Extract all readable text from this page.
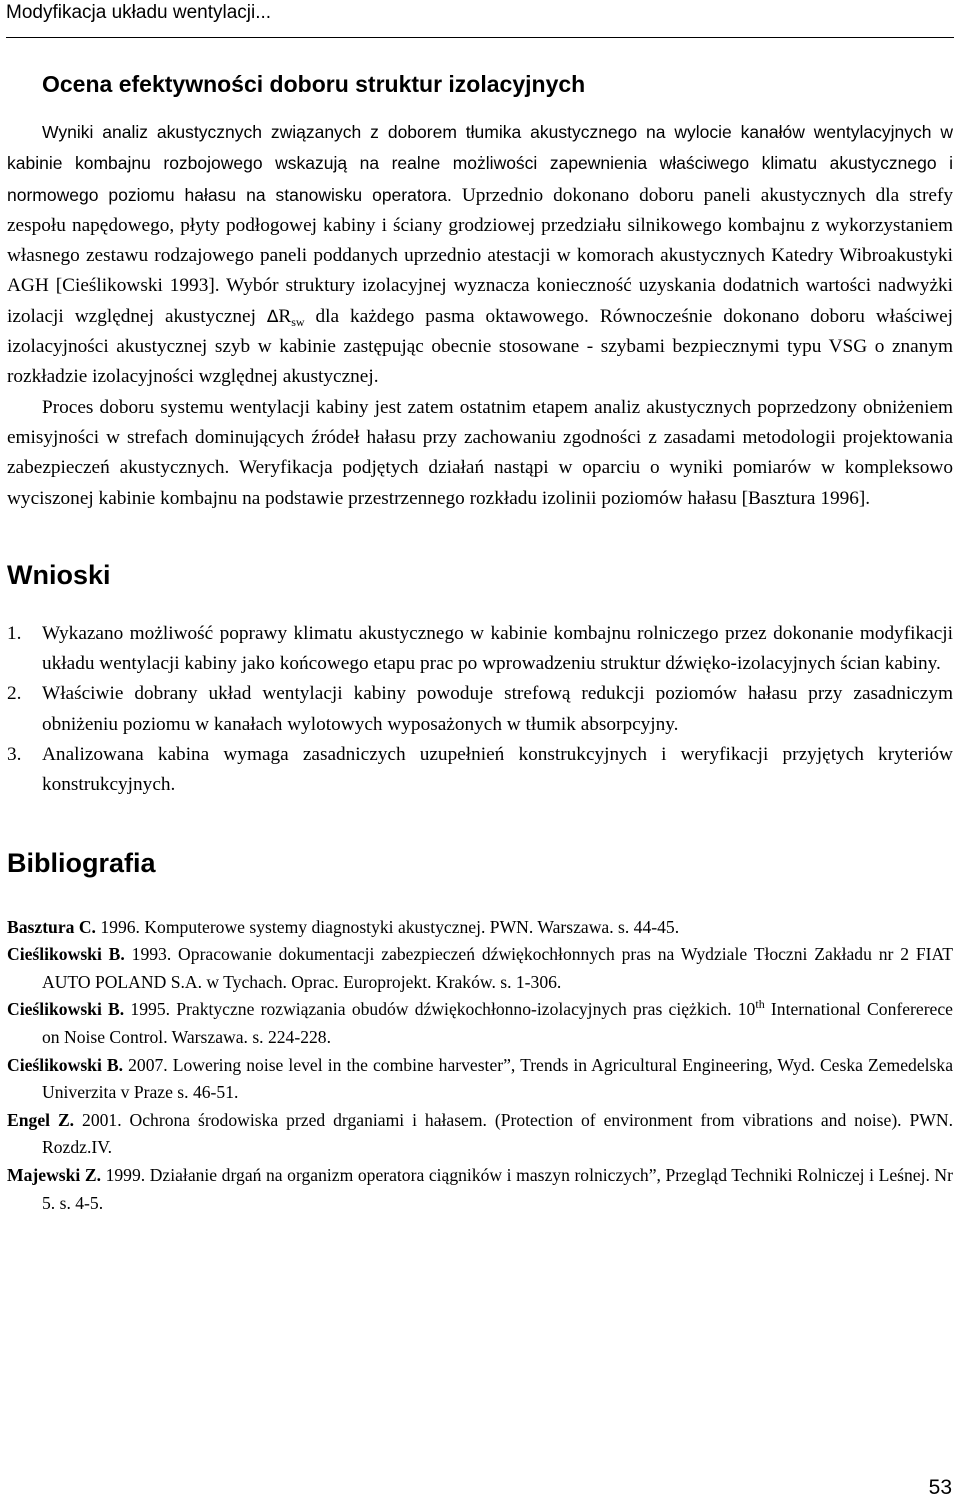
Modyfikacja układu wentylacji...
Ocena efektywności doboru struktur izolacyjnych

Wyniki analiz akustycznych związanych z doborem tłumika akustycznego na wylocie kanałów wentylacyjnych w kabinie kombajnu rozbojowego wskazują na realne możliwości zapewnienia właściwego klimatu akustycznego i normowego poziomu hałasu na stanowisku operatora. Uprzednio dokonano doboru paneli akustycznych dla strefy zespołu napędowego, płyty podłogowej kabiny i ściany grodziowej przedziału silnikowego kombajnu z wykorzystaniem własnego zestawu rodzajowego paneli poddanych uprzednio atestacji w komorach akustycznych Katedry Wibroakustyki AGH [Cieślikowski 1993]. Wybór struktury izolacyjnej wyznacza konieczność uzyskania dodatnich wartości nadwyżki izolacji względnej akustycznej $\Delta R_{sw}$ dla każdego pasma oktawowego. Równocześnie dokonano doboru właściwej izolacyjności akustycznej szyb w kabinie zastępując obecnie stosowane - szybami bezpiecznymi typu VSG o znanym rozkładzie izolacyjności względnej akustycznej.

Proces doboru systemu wentylacji kabiny jest zatem ostatnim etapem analiz akustycznych poprzedzony obniżeniem emisyjności w strefach dominujących źródeł hałasu przy zachowaniu zgodności z zasadami metodologii projektowania zabezpieczeń akustycznych. Weryfikacja podjętych działań nastąpi w oparciu o wyniki pomiarów w kompleksowo wyciszonej kabinie kombajnu na podstawie przestrzennego rozkładu izolinii poziomów hałasu [Basztura 1996].

Wnioski
1. Wykazano możliwość poprawy klimatu akustycznego w kabinie kombajnu rolniczego przez dokonanie modyfikacji układu wentylacji kabiny jako końcowego etapu prac po wprowadzeniu struktur dźwięko-izolacyjnych ścian kabiny.
2. Właściwie dobrany układ wentylacji kabiny powoduje strefową redukcji poziomów hałasu przy zasadniczym obniżeniu poziomu w kanałach wylotowych wyposażonych w tłumik absorpcyjny.
3. Analizowana kabina wymaga zasadniczych uzupełnień konstrukcyjnych i weryfikacji przyjętych kryteriów konstrukcyjnych.
Bibliografia

Basztura C. 1996. Komputerowe systemy diagnostyki akustycznej. PWN. Warszawa. s. 44-45.

Cieślikowski B. 1993. Opracowanie dokumentacji zabezpieczeń dźwiękochłonnych pras na Wydziale Tłoczni Zakładu nr 2 FIAT AUTO POLAND S.A. w Tychach. Oprac. Europrojekt. Kraków. s. 1-306.

Cieślikowski B. 1995. Praktyczne rozwiązania obudów dźwiękochłonno-izolacyjnych pras ciężkich. 10th International Confererece on Noise Control. Warszawa. s. 224-228.

Cieślikowski B. 2007. Lowering noise level in the combine harvester”, Trends in Agricultural Engineering, Wyd. Ceska Zemedelska Univerzita v Praze s. 46-51.

Engel Z. 2001. Ochrona środowiska przed drganiami i hałasem. (Protection of environment from vibrations and noise). PWN. Rozdz.IV.

Majewski Z. 1999. Działanie drgań na organizm operatora ciągników i maszyn rolniczych”, Przegląd Techniki Rolniczej i Leśnej. Nr 5. s. 4-5.

53
